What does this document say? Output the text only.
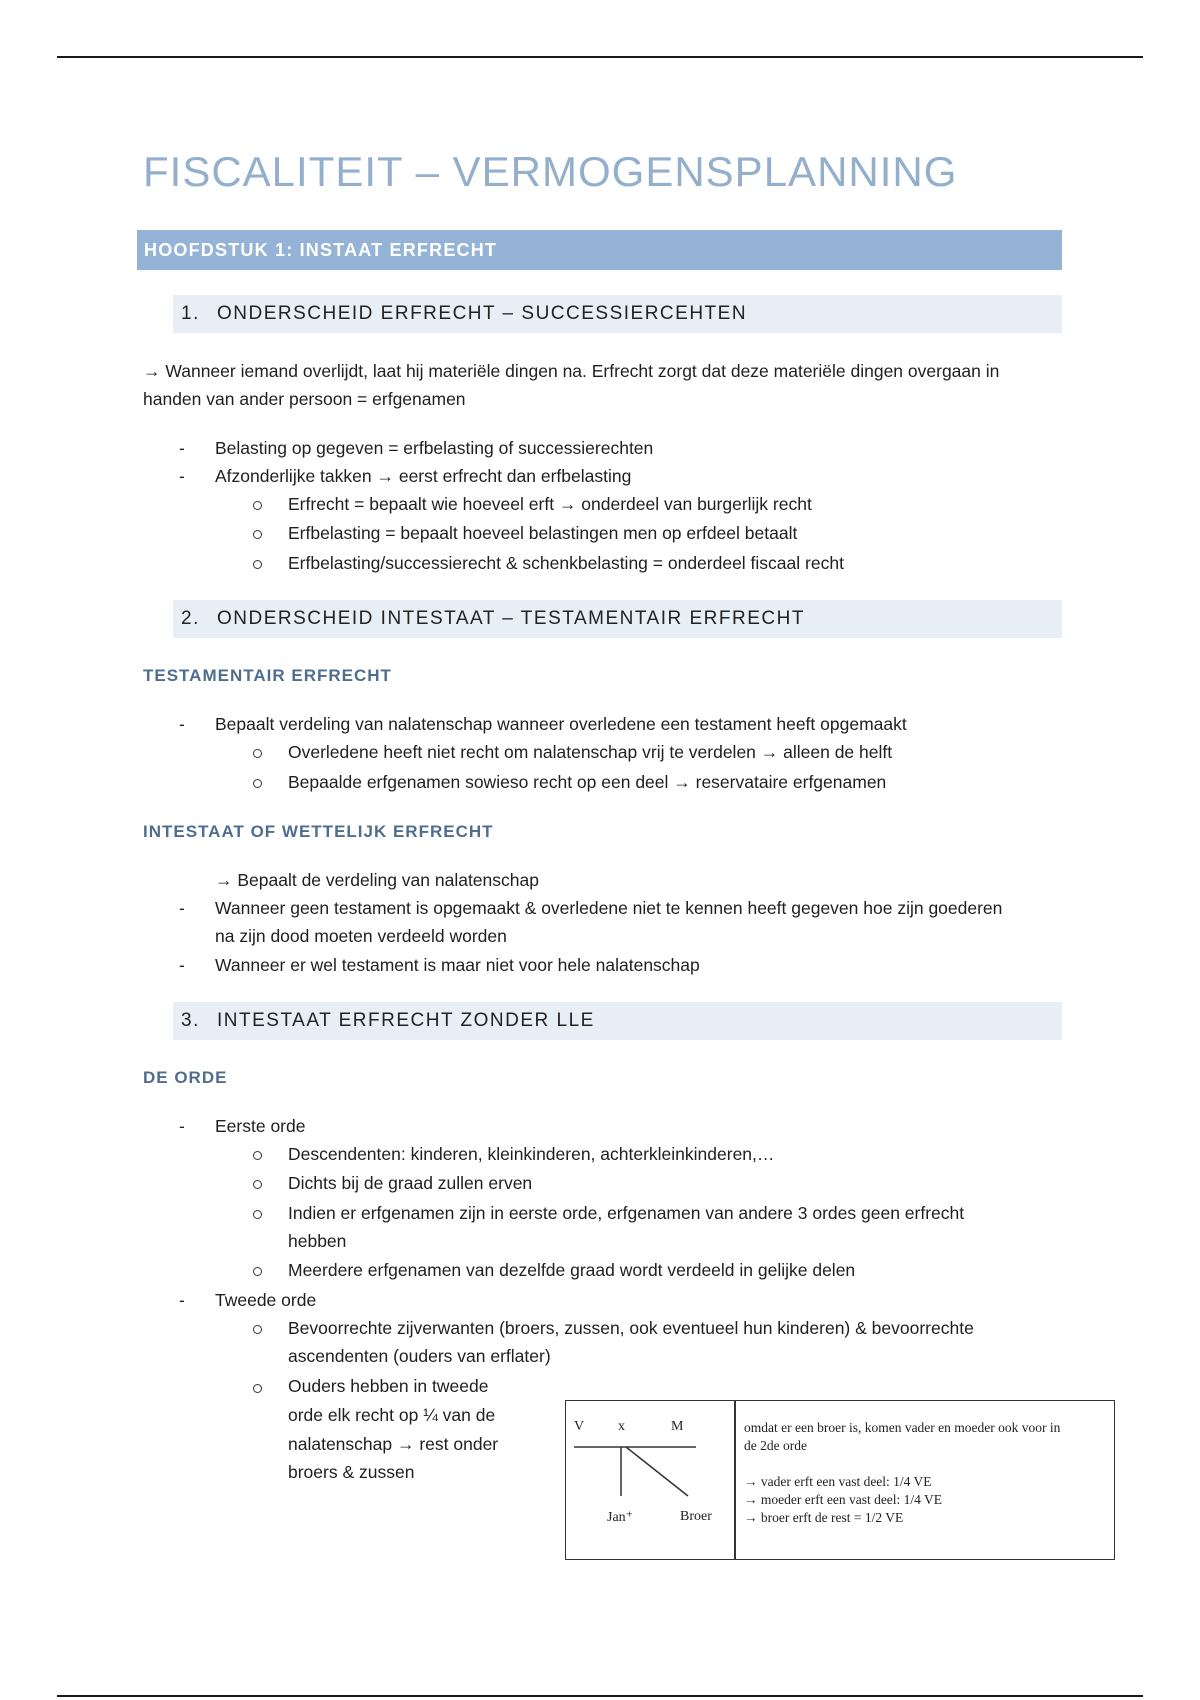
FISCALITEIT – VERMOGENSPLANNING
HOOFDSTUK 1: INSTAAT ERFRECHT
1. ONDERSCHEID ERFRECHT – SUCCESSIERCEHTEN
→ Wanneer iemand overlijdt, laat hij materiële dingen na. Erfrecht zorgt dat deze materiële dingen overgaan in
handen van ander persoon = erfgenamen
- Belasting op gegeven = erfbelasting of successierechten
- Afzonderlijke takken → eerst erfrecht dan erfbelasting
Erfrecht = bepaalt wie hoeveel erft → onderdeel van burgerlijk recht
Erfbelasting = bepaalt hoeveel belastingen men op erfdeel betaalt
Erfbelasting/successierecht & schenkbelasting = onderdeel fiscaal recht
2. ONDERSCHEID INTESTAAT – TESTAMENTAIR ERFRECHT
TESTAMENTAIR ERFRECHT
- Bepaalt verdeling van nalatenschap wanneer overledene een testament heeft opgemaakt
Overledene heeft niet recht om nalatenschap vrij te verdelen → alleen de helft
Bepaalde erfgenamen sowieso recht op een deel → reservataire erfgenamen
INTESTAAT OF WETTELIJK ERFRECHT
→ Bepaalt de verdeling van nalatenschap
- Wanneer geen testament is opgemaakt & overledene niet te kennen heeft gegeven hoe zijn goederen
na zijn dood moeten verdeeld worden
- Wanneer er wel testament is maar niet voor hele nalatenschap
3. INTESTAAT ERFRECHT ZONDER LLE
DE ORDE
- Eerste orde
Descendenten: kinderen, kleinkinderen, achterkleinkinderen,…
Dichts bij de graad zullen erven
Indien er erfgenamen zijn in eerste orde, erfgenamen van andere 3 ordes geen erfrecht
hebben
Meerdere erfgenamen van dezelfde graad wordt verdeeld in gelijke delen
- Tweede orde
Bevoorrechte zijverwanten (broers, zussen, ook eventueel hun kinderen) & bevoorrechte
ascendenten (ouders van erflater)
Ouders hebben in tweede
orde elk recht op ¼ van de
nalatenschap → rest onder
broers & zussen
V x	M
Jan⁺	Broer
omdat er een broer is, komen vader en moeder ook voor in
de 2de orde
→ vader erft een vast deel: 1/4 VE
→ moeder erft een vast deel: 1/4 VE
→ broer erft de rest = 1/2 VE
